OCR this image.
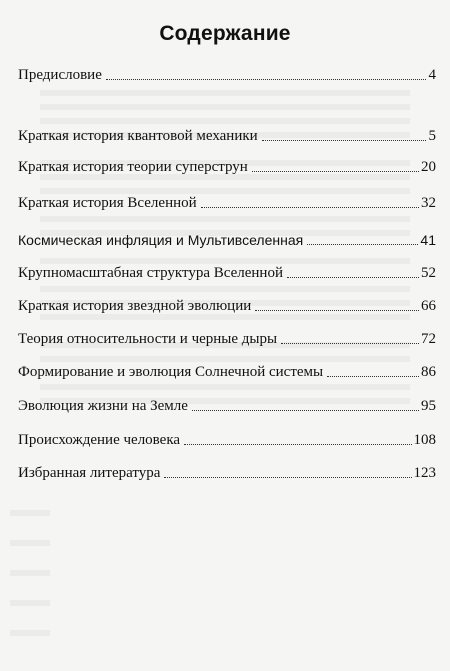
Содержание
Предисловие	4
Краткая история квантовой механики	5
Краткая история теории суперструн	20
Краткая история Вселенной	32
Космическая инфляция и Мультивселенная	41
Крупномасштабная структура Вселенной	52
Краткая история звездной эволюции	66
Теория относительности и черные дыры	72
Формирование и эволюция Солнечной системы	86
Эволюция жизни на Земле	95
Происхождение человека	108
Избранная литература	123
